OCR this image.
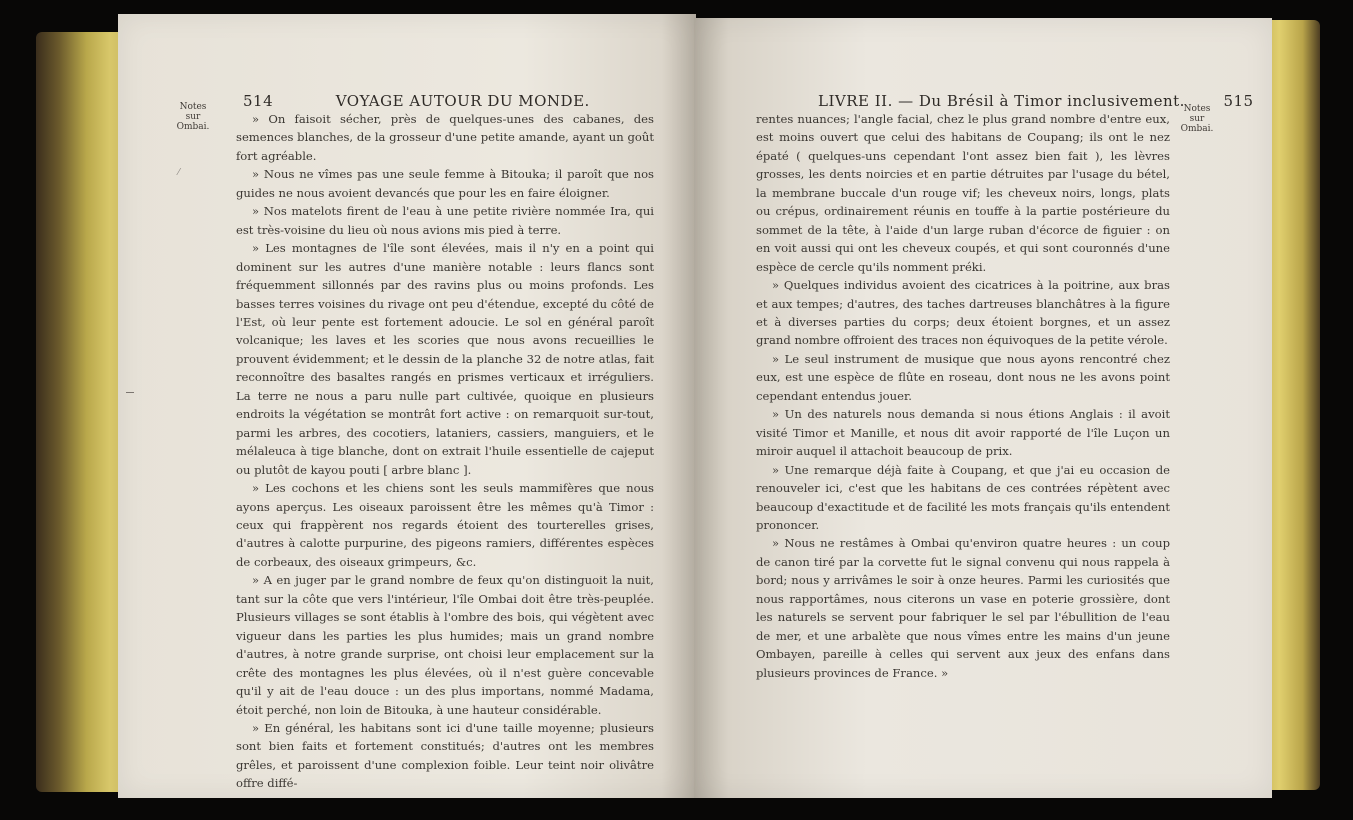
514	VOYAGE AUTOUR DU MONDE.
Notes
sur Ombai.
⁄

» On faisoit sécher, près de quelques-unes des cabanes, des semences blanches, de la grosseur d'une petite amande, ayant un goût fort agréable.

» Nous ne vîmes pas une seule femme à Bitouka; il paroît que nos guides ne nous avoient devancés que pour les en faire éloigner.

» Nos matelots firent de l'eau à une petite rivière nommée Ira, qui est très-voisine du lieu où nous avions mis pied à terre.

» Les montagnes de l'île sont élevées, mais il n'y en a point qui dominent sur les autres d'une manière notable : leurs flancs sont fréquemment sillonnés par des ravins plus ou moins profonds. Les basses terres voisines du rivage ont peu d'étendue, excepté du côté de l'Est, où leur pente est fortement adoucie. Le sol en général paroît volcanique; les laves et les scories que nous avons recueillies le prouvent évidemment; et le dessin de la planche 32 de notre atlas, fait reconnoître des basaltes rangés en prismes verticaux et irréguliers. La terre ne nous a paru nulle part cultivée, quoique en plusieurs endroits la végétation se montrât fort active : on remarquoit sur-tout, parmi les arbres, des cocotiers, lataniers, cassiers, manguiers, et le mélaleuca à tige blanche, dont on extrait l'huile essentielle de cajeput ou plutôt de kayou pouti [ arbre blanc ].

» Les cochons et les chiens sont les seuls mammifères que nous ayons aperçus. Les oiseaux paroissent être les mêmes qu'à Timor : ceux qui frappèrent nos regards étoient des tourterelles grises, d'autres à calotte purpurine, des pigeons ramiers, différentes espèces de corbeaux, des oiseaux grimpeurs, &c.

» A en juger par le grand nombre de feux qu'on distinguoit la nuit, tant sur la côte que vers l'intérieur, l'île Ombai doit être très-peuplée. Plusieurs villages se sont établis à l'ombre des bois, qui végètent avec vigueur dans les parties les plus humides; mais un grand nombre d'autres, à notre grande surprise, ont choisi leur emplacement sur la crête des montagnes les plus élevées, où il n'est guère concevable qu'il y ait de l'eau douce : un des plus importans, nommé Madama, étoit perché, non loin de Bitouka, à une hauteur considérable.

» En général, les habitans sont ici d'une taille moyenne; plusieurs sont bien faits et fortement constitués; d'autres ont les membres grêles, et paroissent d'une complexion foible. Leur teint noir olivâtre offre diffé-

LIVRE II. — Du Brésil à Timor inclusivement.	515
Notes
sur Ombai.

rentes nuances; l'angle facial, chez le plus grand nombre d'entre eux, est moins ouvert que celui des habitans de Coupang; ils ont le nez épaté ( quelques-uns cependant l'ont assez bien fait ), les lèvres grosses, les dents noircies et en partie détruites par l'usage du bétel, la membrane buccale d'un rouge vif; les cheveux noirs, longs, plats ou crépus, ordinairement réunis en touffe à la partie postérieure du sommet de la tête, à l'aide d'un large ruban d'écorce de figuier : on en voit aussi qui ont les cheveux coupés, et qui sont couronnés d'une espèce de cercle qu'ils nomment préki.

» Quelques individus avoient des cicatrices à la poitrine, aux bras et aux tempes; d'autres, des taches dartreuses blanchâtres à la figure et à diverses parties du corps; deux étoient borgnes, et un assez grand nombre offroient des traces non équivoques de la petite vérole.

» Le seul instrument de musique que nous ayons rencontré chez eux, est une espèce de flûte en roseau, dont nous ne les avons point cependant entendus jouer.

» Un des naturels nous demanda si nous étions Anglais : il avoit visité Timor et Manille, et nous dit avoir rapporté de l'île Luçon un miroir auquel il attachoit beaucoup de prix.

» Une remarque déjà faite à Coupang, et que j'ai eu occasion de renouveler ici, c'est que les habitans de ces contrées répètent avec beaucoup d'exactitude et de facilité les mots français qu'ils entendent prononcer.

» Nous ne restâmes à Ombai qu'environ quatre heures : un coup de canon tiré par la corvette fut le signal convenu qui nous rappela à bord; nous y arrivâmes le soir à onze heures. Parmi les curiosités que nous rapportâmes, nous citerons un vase en poterie grossière, dont les naturels se servent pour fabriquer le sel par l'ébullition de l'eau de mer, et une arbalète que nous vîmes entre les mains d'un jeune Ombayen, pareille à celles qui servent aux jeux des enfans dans plusieurs provinces de France. »
